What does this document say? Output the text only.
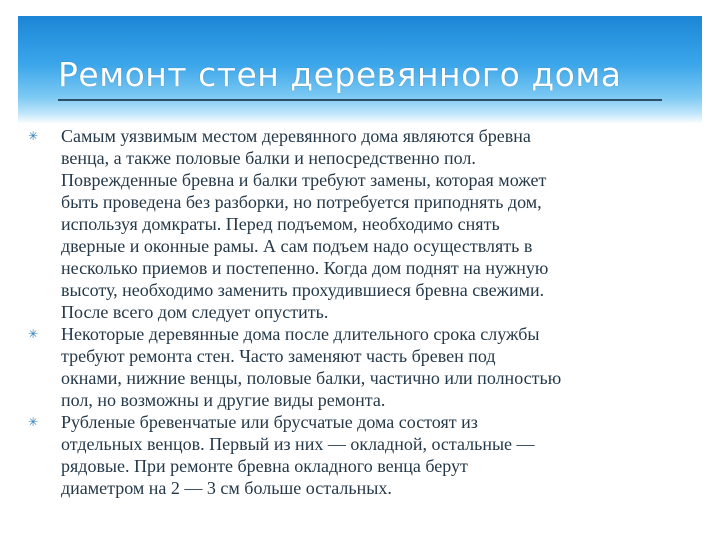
Ремонт стен деревянного дома
✳ Самым уязвимым местом деревянного дома являются бревна
венца, а также половые балки и непосредственно пол.
Поврежденные бревна и балки требуют замены, которая может
быть проведена без разборки, но потребуется приподнять дом,
используя домкраты. Перед подъемом, необходимо снять
дверные и оконные рамы. А сам подъем надо осуществлять в
несколько приемов и постепенно. Когда дом поднят на нужную
высоту, необходимо заменить прохудившиеся бревна свежими.
После всего дом следует опустить.
✳ Некоторые деревянные дома после длительного срока службы
требуют ремонта стен. Часто заменяют часть бревен под
окнами, нижние венцы, половые балки, частично или полностью
пол, но возможны и другие виды ремонта.
✳ Рубленые бревенчатые или брусчатые дома состоят из
отдельных венцов. Первый из них — окладной, остальные —
рядовые. При ремонте бревна окладного венца берут
диаметром на 2 — 3 см больше остальных.
